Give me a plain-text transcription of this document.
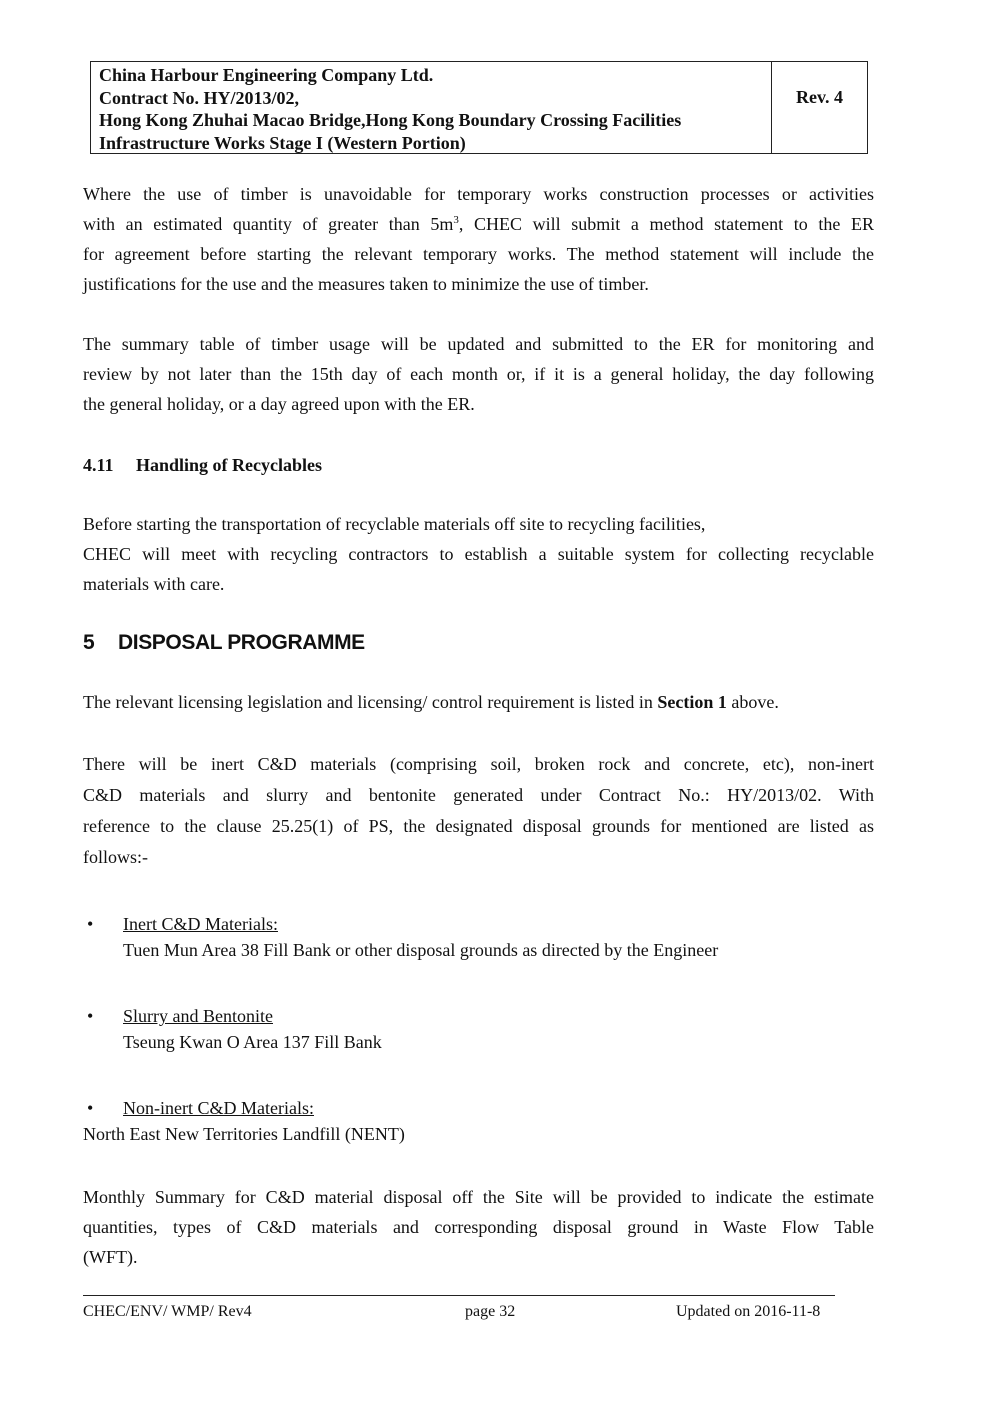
China Harbour Engineering Company Ltd.
Contract No. HY/2013/02,
Hong Kong Zhuhai Macao Bridge,Hong Kong Boundary Crossing Facilities
Infrastructure Works Stage I (Western Portion)
Rev. 4

Where the use of timber is unavoidable for temporary works construction processes or activities
with an estimated quantity of greater than $5m^3$, CHEC will submit a method statement to the ER
for agreement before starting the relevant temporary works. The method statement will include the
justifications for the use and the measures taken to minimize the use of timber.

The summary table of timber usage will be updated and submitted to the ER for monitoring and
review by not later than the 15th day of each month or, if it is a general holiday, the day following
the general holiday, or a day agreed upon with the ER.

4.11 Handling of Recyclables

Before starting the transportation of recyclable materials off site to recycling facilities,
CHEC will meet with recycling contractors to establish a suitable system for collecting recyclable
materials with care.

5 DISPOSAL PROGRAMME

The relevant licensing legislation and licensing/ control requirement is listed in Section 1 above.

There will be inert C&D materials (comprising soil, broken rock and concrete, etc), non-inert
C&D materials and slurry and bentonite generated under Contract No.: HY/2013/02. With
reference to the clause 25.25(1) of PS, the designated disposal grounds for mentioned are listed as
follows:-

• Inert C&D Materials:
Tuen Mun Area 38 Fill Bank or other disposal grounds as directed by the Engineer
• Slurry and Bentonite
Tseung Kwan O Area 137 Fill Bank
• Non-inert C&D Materials:
North East New Territories Landfill (NENT)

Monthly Summary for C&D material disposal off the Site will be provided to indicate the estimate
quantities, types of C&D materials and corresponding disposal ground in Waste Flow Table
(WFT).

CHEC/ENV/ WMP/ Rev4	page 32	Updated on 2016-11-8
